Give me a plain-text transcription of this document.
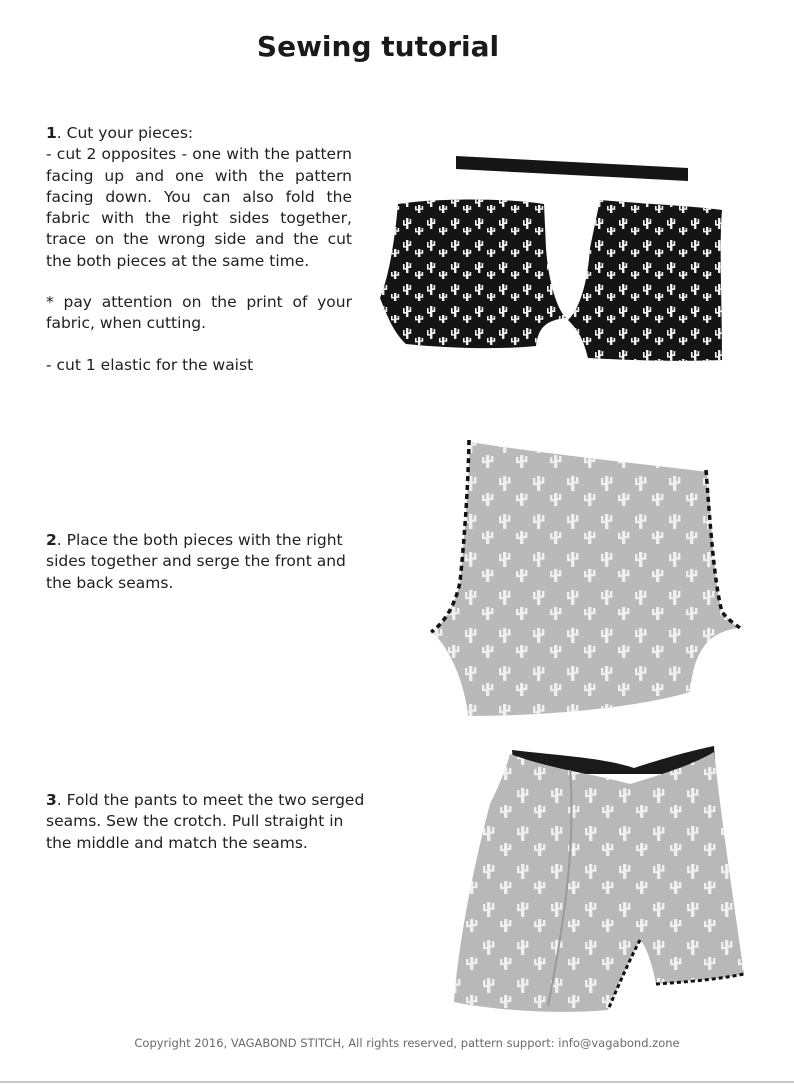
Sewing tutorial

1. Cut your pieces:

- cut 2 opposites - one with the pattern facing up and one with the pattern facing down. You can also fold the fabric with the right sides together, trace on the wrong side and the cut the both pieces at the same time.

* pay attention on the print of your fabric, when cutting.

- cut 1 elastic for the waist

2. Place the both pieces with the right sides together and serge the front and the back seams.

3. Fold the pants to meet the two serged seams. Sew the crotch. Pull straight in the middle and match the seams.

Copyright 2016, VAGABOND STITCH, All rights reserved, pattern support: info@vagabond.zone
